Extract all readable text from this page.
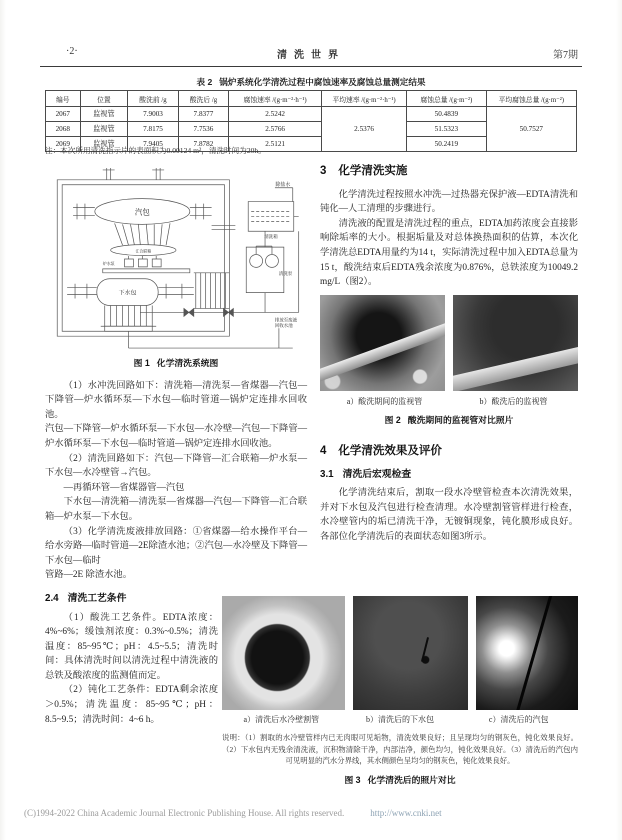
·2·	清洗世界	第7期
表 2 锅炉系统化学清洗过程中腐蚀速率及腐蚀总量测定结果
编号	位置	酸洗前 /g	酸洗后 /g	腐蚀速率 /(g·m⁻²·h⁻¹)	平均速率 /(g·m⁻²·h⁻¹)	腐蚀总量 /(g·m⁻²)	平均腐蚀总量 /(g·m⁻²)
2067	监视管	7.9003	7.8377	2.5242	2.5376	50.4839	50.7527
2068	监视管	7.8175	7.7536	2.5766		51.5323	
2069	监视管	7.9405	7.8782	2.5121		50.2419	
注：本次所用清洗指示片的表面积为0.00124 m²，清洗时间为20h。
汽包
汇合联箱
炉水泵
下水包
除盐水
清洗箱
清洗泵
排放至废液
回收水池
图 1 化学清洗系统图

（1）水冲洗回路如下：清洗箱—清洗泵—省煤器—汽包—下降管—炉水循环泵—下水包—临时管道—锅炉定连排水回收池。

汽包—下降管—炉水循环泵—下水包—水冷壁—汽包—下降管—炉水循环泵—下水包—临时管道—锅炉定连排水回收池。

（2）清洗回路如下：汽包—下降管—汇合联箱—炉水泵—下水包—水冷壁管→汽包。

—再循环管—省煤器管—汽包

下水包—清洗箱—清洗泵—省煤器—汽包—下降管—汇合联箱—炉水泵—下水包。

（3）化学清洗废液排放回路：①省煤器—给水操作平台—给水旁路—临时管道—2E除渣水池；②汽包—水冷壁及下降管—下水包—临时

管路—2E 除渣水池。

2.4 清洗工艺条件

（1）酸洗工艺条件。EDTA浓度：4%~6%；缓蚀剂浓度：0.3%~0.5%；清洗温度：85~95℃；pH：4.5~5.5；清洗时间：具体清洗时间以清洗过程中清洗液的总铁及酸浓度的监测值而定。

（2）钝化工艺条件：EDTA剩余浓度＞0.5%；清洗温度：85~95℃；pH：8.5~9.5；清洗时间：4~6 h。

3 化学清洗实施

化学清洗过程按照水冲洗—过热器充保护液—EDTA清洗和钝化—人工清理的步骤进行。

清洗液的配置是清洗过程的重点，EDTA加药浓度会直接影响除垢率的大小。根据垢量及对总体换热面积的估算，本次化学清洗总EDTA用量约为14 t，实际清洗过程中加入EDTA总量为15 t，酸洗结束后EDTA残余浓度为0.876%，总铁浓度为10049.2 mg/L（图2）。

a）酸洗期间的监视管	b）酸洗后的监视管
图 2 酸洗期间的监视管对比照片
4 化学清洗效果及评价
3.1 清洗后宏观检查

化学清洗结束后，割取一段水冷壁管检查本次清洗效果，并对下水包及汽包进行检查清理。水冷壁割管管样进行检查，水冷壁管内的垢已清洗干净，无镀铜现象，钝化膜形成良好。各部位化学清洗后的表面状态如图3所示。

a）清洗后水冷壁割管	b）清洗后的下水包	c）清洗后的汽包
说明：（1）割取的水冷壁管样内已无肉眼可见垢物，清洗效果良好；且呈现均匀的钢灰色，钝化效果良好。（2）下水包内无残余清洗液，沉积物清除干净，内部洁净，颜色均匀，钝化效果良好。（3）清洗后的汽包内可见明显的汽水分界线，其水侧颜色呈均匀的钢灰色，钝化效果良好。
图 3 化学清洗后的照片对比
(C)1994-2022 China Academic Journal Electronic Publishing House. All rights reserved.	http://www.cnki.net
